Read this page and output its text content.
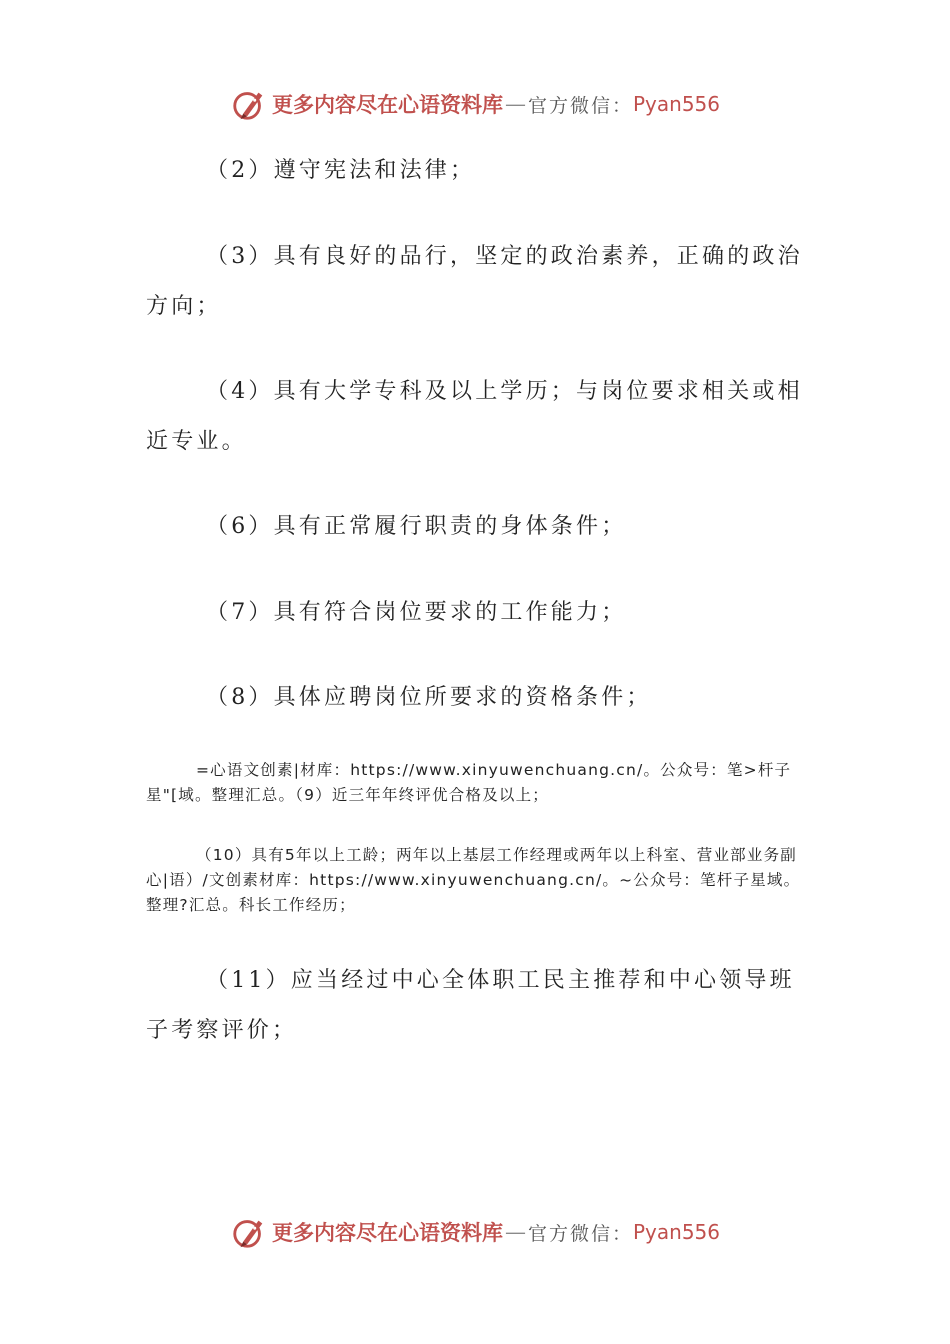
更多内容尽在心语资料库 — 官方微信： Pyan556

（2）遵守宪法和法律；

（3）具有良好的品行，坚定的政治素养，正确的政治方向；

（4）具有大学专科及以上学历；与岗位要求相关或相近专业。

（6）具有正常履行职责的身体条件；

（7）具有符合岗位要求的工作能力；

（8）具体应聘岗位所要求的资格条件；

=心语文创素|材库：https://www.xinyuwenchuang.cn/。公众号：笔>杆子星"[域。整理汇总。（9）近三年年终评优合格及以上；

（10）具有5年以上工龄；两年以上基层工作经理或两年以上科室、营业部业务副心|语）/文创素材库：https://www.xinyuwenchuang.cn/。~公众号：笔杆子星域。整理?汇总。科长工作经历；

（11）应当经过中心全体职工民主推荐和中心领导班子考察评价；

更多内容尽在心语资料库 — 官方微信： Pyan556
